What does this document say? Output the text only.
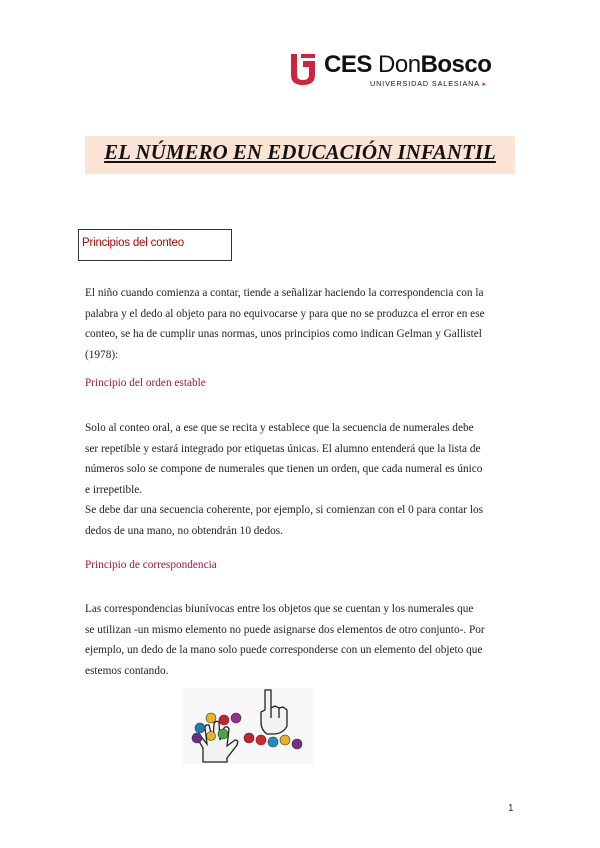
CES DonBosco
UNIVERSIDAD SALESIANA ▸
EL NÚMERO EN EDUCACIÓN INFANTIL
Principios del conteo
El niño cuando comienza a contar, tiende a señalizar haciendo la correspondencia con la
palabra y el dedo al objeto para no equivocarse y para que no se produzca el error en ese
conteo, se ha de cumplir unas normas, unos principios como indican Gelman y Gallistel
(1978):
Principio del orden estable
Solo al conteo oral, a ese que se recita y establece que la secuencia de numerales debe
ser repetible y estará integrado por etiquetas únicas. El alumno entenderá que la lista de
números solo se compone de numerales que tienen un orden, que cada numeral es único
e irrepetible.
Se debe dar una secuencia coherente, por ejemplo, si comienzan con el 0 para contar los
dedos de una mano, no obtendrán 10 dedos.
Principio de correspondencia
Las correspondencias biunívocas entre los objetos que se cuentan y los numerales que
se utilizan -un mismo elemento no puede asignarse dos elementos de otro conjunto-. Por
ejemplo, un dedo de la mano solo puede corresponderse con un elemento del objeto que
estemos contando.
1
